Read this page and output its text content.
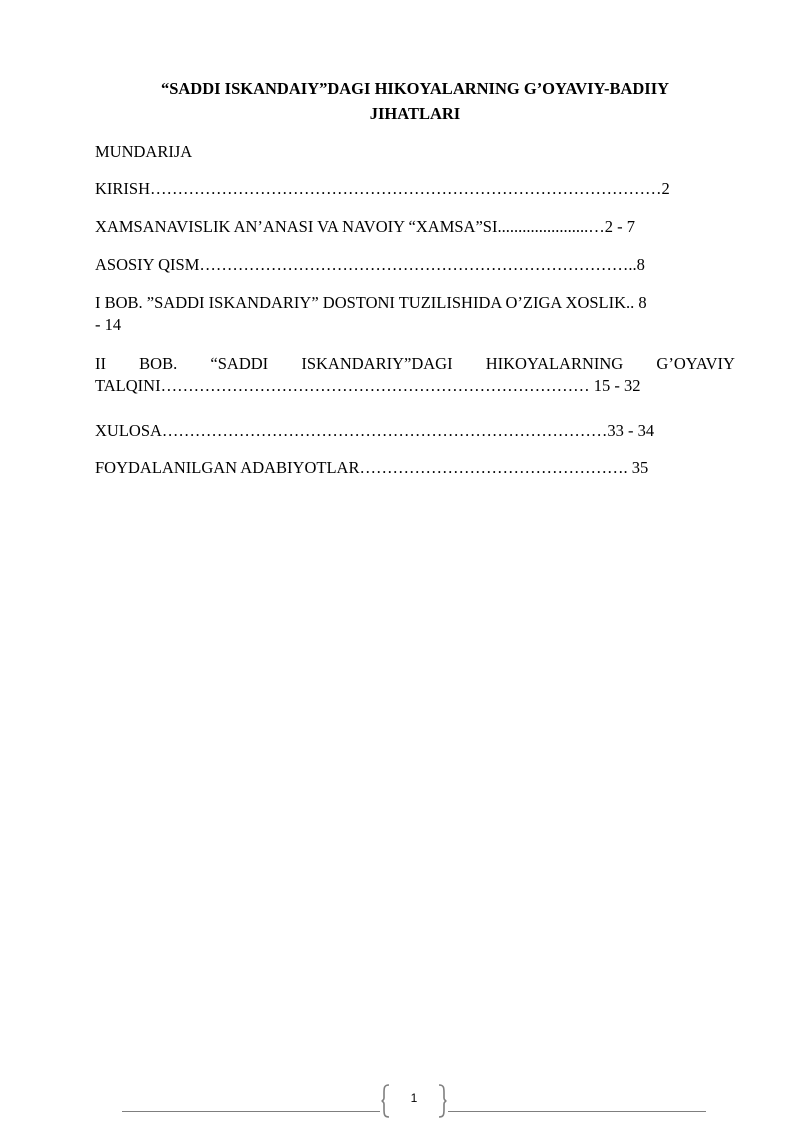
“SADDI ISKANDAIY”DAGI HIKOYALARNING G’OYAVIY-BADIIY
JIHATLARI

MUNDARIJA

KIRISH…………………………………………………………………………………2

XAMSANAVISLIK AN’ANASI VA NAVOIY “XAMSA”SI......................…2 - 7

ASOSIY QISM……………………………………………………………………..8

I BOB. ”SADDI ISKANDARIY” DOSTONI TUZILISHIDA O’ZIGA XOSLIK.. 8
- 14
II BOB. “SADDI ISKANDARIY”DAGI HIKOYALARNING G’OYAVIY
TALQINI…………………………………………………………………… 15 - 32

XULOSA………………………………………………………………………33 - 34

FOYDALANILGAN ADABIYOTLAR…………………………………………. 35

1
